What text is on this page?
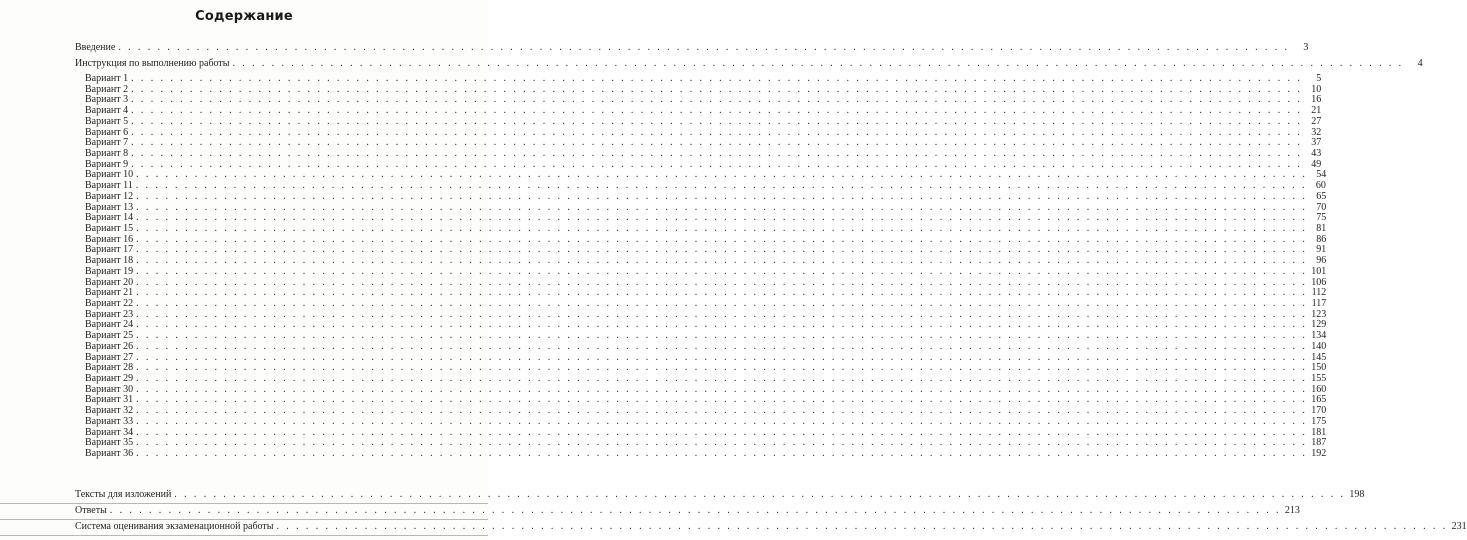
Содержание
Введение . . . . . . . . . . . . . . . . . . . . . . . . . . . . . . . . . . . . . . . . . . . . . . . . . . . . . . . . . . . . . . . . . . . . . . . . . . . . . . . . . . . . . . . . . . . . . . . . . . . . . . . . . . . . . . . . . . . . . . . .	3
Инструкция по выполнению работы . . . . . . . . . . . . . . . . . . . . . . . . . . . . . . . . . . . . . . . . . . . . . . . . . . . . . . . . . . . . . . . . . . . . . . . . . . . . . . . . . . . . . . . . . . . . . . . . . . . . . . . . . . . . . . . . . . . . . . . .	4
Вариант 1 . . . . . . . . . . . . . . . . . . . . . . . . . . . . . . . . . . . . . . . . . . . . . . . . . . . . . . . . . . . . . . . . . . . . . . . . . . . . . . . . . . . . . . . . . . . . . . . . . . . . . . . . . . . . . . . . . . . . . . . .	5
Вариант 2 . . . . . . . . . . . . . . . . . . . . . . . . . . . . . . . . . . . . . . . . . . . . . . . . . . . . . . . . . . . . . . . . . . . . . . . . . . . . . . . . . . . . . . . . . . . . . . . . . . . . . . . . . . . . . . . . . . . . . . . . 10
Вариант 3 . . . . . . . . . . . . . . . . . . . . . . . . . . . . . . . . . . . . . . . . . . . . . . . . . . . . . . . . . . . . . . . . . . . . . . . . . . . . . . . . . . . . . . . . . . . . . . . . . . . . . . . . . . . . . . . . . . . . . . . . 16
Вариант 4 . . . . . . . . . . . . . . . . . . . . . . . . . . . . . . . . . . . . . . . . . . . . . . . . . . . . . . . . . . . . . . . . . . . . . . . . . . . . . . . . . . . . . . . . . . . . . . . . . . . . . . . . . . . . . . . . . . . . . . . . 21
Вариант 5 . . . . . . . . . . . . . . . . . . . . . . . . . . . . . . . . . . . . . . . . . . . . . . . . . . . . . . . . . . . . . . . . . . . . . . . . . . . . . . . . . . . . . . . . . . . . . . . . . . . . . . . . . . . . . . . . . . . . . . . . 27
Вариант 6 . . . . . . . . . . . . . . . . . . . . . . . . . . . . . . . . . . . . . . . . . . . . . . . . . . . . . . . . . . . . . . . . . . . . . . . . . . . . . . . . . . . . . . . . . . . . . . . . . . . . . . . . . . . . . . . . . . . . . . . . 32
Вариант 7 . . . . . . . . . . . . . . . . . . . . . . . . . . . . . . . . . . . . . . . . . . . . . . . . . . . . . . . . . . . . . . . . . . . . . . . . . . . . . . . . . . . . . . . . . . . . . . . . . . . . . . . . . . . . . . . . . . . . . . . . 37
Вариант 8 . . . . . . . . . . . . . . . . . . . . . . . . . . . . . . . . . . . . . . . . . . . . . . . . . . . . . . . . . . . . . . . . . . . . . . . . . . . . . . . . . . . . . . . . . . . . . . . . . . . . . . . . . . . . . . . . . . . . . . . . 43
Вариант 9 . . . . . . . . . . . . . . . . . . . . . . . . . . . . . . . . . . . . . . . . . . . . . . . . . . . . . . . . . . . . . . . . . . . . . . . . . . . . . . . . . . . . . . . . . . . . . . . . . . . . . . . . . . . . . . . . . . . . . . . . 49
Вариант 10 . . . . . . . . . . . . . . . . . . . . . . . . . . . . . . . . . . . . . . . . . . . . . . . . . . . . . . . . . . . . . . . . . . . . . . . . . . . . . . . . . . . . . . . . . . . . . . . . . . . . . . . . . . . . . . . . . . . . . . . . 54
Вариант 11 . . . . . . . . . . . . . . . . . . . . . . . . . . . . . . . . . . . . . . . . . . . . . . . . . . . . . . . . . . . . . . . . . . . . . . . . . . . . . . . . . . . . . . . . . . . . . . . . . . . . . . . . . . . . . . . . . . . . . . . . 60
Вариант 12 . . . . . . . . . . . . . . . . . . . . . . . . . . . . . . . . . . . . . . . . . . . . . . . . . . . . . . . . . . . . . . . . . . . . . . . . . . . . . . . . . . . . . . . . . . . . . . . . . . . . . . . . . . . . . . . . . . . . . . . . 65
Вариант 13 . . . . . . . . . . . . . . . . . . . . . . . . . . . . . . . . . . . . . . . . . . . . . . . . . . . . . . . . . . . . . . . . . . . . . . . . . . . . . . . . . . . . . . . . . . . . . . . . . . . . . . . . . . . . . . . . . . . . . . . . 70
Вариант 14 . . . . . . . . . . . . . . . . . . . . . . . . . . . . . . . . . . . . . . . . . . . . . . . . . . . . . . . . . . . . . . . . . . . . . . . . . . . . . . . . . . . . . . . . . . . . . . . . . . . . . . . . . . . . . . . . . . . . . . . . 75
Вариант 15 . . . . . . . . . . . . . . . . . . . . . . . . . . . . . . . . . . . . . . . . . . . . . . . . . . . . . . . . . . . . . . . . . . . . . . . . . . . . . . . . . . . . . . . . . . . . . . . . . . . . . . . . . . . . . . . . . . . . . . . . 81
Вариант 16 . . . . . . . . . . . . . . . . . . . . . . . . . . . . . . . . . . . . . . . . . . . . . . . . . . . . . . . . . . . . . . . . . . . . . . . . . . . . . . . . . . . . . . . . . . . . . . . . . . . . . . . . . . . . . . . . . . . . . . . . 86
Вариант 17 . . . . . . . . . . . . . . . . . . . . . . . . . . . . . . . . . . . . . . . . . . . . . . . . . . . . . . . . . . . . . . . . . . . . . . . . . . . . . . . . . . . . . . . . . . . . . . . . . . . . . . . . . . . . . . . . . . . . . . . . 91
Вариант 18 . . . . . . . . . . . . . . . . . . . . . . . . . . . . . . . . . . . . . . . . . . . . . . . . . . . . . . . . . . . . . . . . . . . . . . . . . . . . . . . . . . . . . . . . . . . . . . . . . . . . . . . . . . . . . . . . . . . . . . . . 96
Вариант 19 . . . . . . . . . . . . . . . . . . . . . . . . . . . . . . . . . . . . . . . . . . . . . . . . . . . . . . . . . . . . . . . . . . . . . . . . . . . . . . . . . . . . . . . . . . . . . . . . . . . . . . . . . . . . . . . . . . . . . . . . 101
Вариант 20 . . . . . . . . . . . . . . . . . . . . . . . . . . . . . . . . . . . . . . . . . . . . . . . . . . . . . . . . . . . . . . . . . . . . . . . . . . . . . . . . . . . . . . . . . . . . . . . . . . . . . . . . . . . . . . . . . . . . . . . . 106
Вариант 21 . . . . . . . . . . . . . . . . . . . . . . . . . . . . . . . . . . . . . . . . . . . . . . . . . . . . . . . . . . . . . . . . . . . . . . . . . . . . . . . . . . . . . . . . . . . . . . . . . . . . . . . . . . . . . . . . . . . . . . . . 112
Вариант 22 . . . . . . . . . . . . . . . . . . . . . . . . . . . . . . . . . . . . . . . . . . . . . . . . . . . . . . . . . . . . . . . . . . . . . . . . . . . . . . . . . . . . . . . . . . . . . . . . . . . . . . . . . . . . . . . . . . . . . . . . 117
Вариант 23 . . . . . . . . . . . . . . . . . . . . . . . . . . . . . . . . . . . . . . . . . . . . . . . . . . . . . . . . . . . . . . . . . . . . . . . . . . . . . . . . . . . . . . . . . . . . . . . . . . . . . . . . . . . . . . . . . . . . . . . . 123
Вариант 24 . . . . . . . . . . . . . . . . . . . . . . . . . . . . . . . . . . . . . . . . . . . . . . . . . . . . . . . . . . . . . . . . . . . . . . . . . . . . . . . . . . . . . . . . . . . . . . . . . . . . . . . . . . . . . . . . . . . . . . . . 129
Вариант 25 . . . . . . . . . . . . . . . . . . . . . . . . . . . . . . . . . . . . . . . . . . . . . . . . . . . . . . . . . . . . . . . . . . . . . . . . . . . . . . . . . . . . . . . . . . . . . . . . . . . . . . . . . . . . . . . . . . . . . . . . 134
Вариант 26 . . . . . . . . . . . . . . . . . . . . . . . . . . . . . . . . . . . . . . . . . . . . . . . . . . . . . . . . . . . . . . . . . . . . . . . . . . . . . . . . . . . . . . . . . . . . . . . . . . . . . . . . . . . . . . . . . . . . . . . . 140
Вариант 27 . . . . . . . . . . . . . . . . . . . . . . . . . . . . . . . . . . . . . . . . . . . . . . . . . . . . . . . . . . . . . . . . . . . . . . . . . . . . . . . . . . . . . . . . . . . . . . . . . . . . . . . . . . . . . . . . . . . . . . . . 145
Вариант 28 . . . . . . . . . . . . . . . . . . . . . . . . . . . . . . . . . . . . . . . . . . . . . . . . . . . . . . . . . . . . . . . . . . . . . . . . . . . . . . . . . . . . . . . . . . . . . . . . . . . . . . . . . . . . . . . . . . . . . . . . 150
Вариант 29 . . . . . . . . . . . . . . . . . . . . . . . . . . . . . . . . . . . . . . . . . . . . . . . . . . . . . . . . . . . . . . . . . . . . . . . . . . . . . . . . . . . . . . . . . . . . . . . . . . . . . . . . . . . . . . . . . . . . . . . . 155
Вариант 30 . . . . . . . . . . . . . . . . . . . . . . . . . . . . . . . . . . . . . . . . . . . . . . . . . . . . . . . . . . . . . . . . . . . . . . . . . . . . . . . . . . . . . . . . . . . . . . . . . . . . . . . . . . . . . . . . . . . . . . . . 160
Вариант 31 . . . . . . . . . . . . . . . . . . . . . . . . . . . . . . . . . . . . . . . . . . . . . . . . . . . . . . . . . . . . . . . . . . . . . . . . . . . . . . . . . . . . . . . . . . . . . . . . . . . . . . . . . . . . . . . . . . . . . . . . 165
Вариант 32 . . . . . . . . . . . . . . . . . . . . . . . . . . . . . . . . . . . . . . . . . . . . . . . . . . . . . . . . . . . . . . . . . . . . . . . . . . . . . . . . . . . . . . . . . . . . . . . . . . . . . . . . . . . . . . . . . . . . . . . . 170
Вариант 33 . . . . . . . . . . . . . . . . . . . . . . . . . . . . . . . . . . . . . . . . . . . . . . . . . . . . . . . . . . . . . . . . . . . . . . . . . . . . . . . . . . . . . . . . . . . . . . . . . . . . . . . . . . . . . . . . . . . . . . . . 175
Вариант 34 . . . . . . . . . . . . . . . . . . . . . . . . . . . . . . . . . . . . . . . . . . . . . . . . . . . . . . . . . . . . . . . . . . . . . . . . . . . . . . . . . . . . . . . . . . . . . . . . . . . . . . . . . . . . . . . . . . . . . . . . 181
Вариант 35 . . . . . . . . . . . . . . . . . . . . . . . . . . . . . . . . . . . . . . . . . . . . . . . . . . . . . . . . . . . . . . . . . . . . . . . . . . . . . . . . . . . . . . . . . . . . . . . . . . . . . . . . . . . . . . . . . . . . . . . . 187
Вариант 36 . . . . . . . . . . . . . . . . . . . . . . . . . . . . . . . . . . . . . . . . . . . . . . . . . . . . . . . . . . . . . . . . . . . . . . . . . . . . . . . . . . . . . . . . . . . . . . . . . . . . . . . . . . . . . . . . . . . . . . . . 192
Тексты для изложений . . . . . . . . . . . . . . . . . . . . . . . . . . . . . . . . . . . . . . . . . . . . . . . . . . . . . . . . . . . . . . . . . . . . . . . . . . . . . . . . . . . . . . . . . . . . . . . . . . . . . . . . . . . . . . . . . . . . . . . . 198
Ответы . . . . . . . . . . . . . . . . . . . . . . . . . . . . . . . . . . . . . . . . . . . . . . . . . . . . . . . . . . . . . . . . . . . . . . . . . . . . . . . . . . . . . . . . . . . . . . . . . . . . . . . . . . . . . . . . . . . . . . . . 213
Система оценивания экзаменационной работы . . . . . . . . . . . . . . . . . . . . . . . . . . . . . . . . . . . . . . . . . . . . . . . . . . . . . . . . . . . . . . . . . . . . . . . . . . . . . . . . . . . . . . . . . . . . . . . . . . . . . . . . . . . . . . . . . . . . . . . . 231
